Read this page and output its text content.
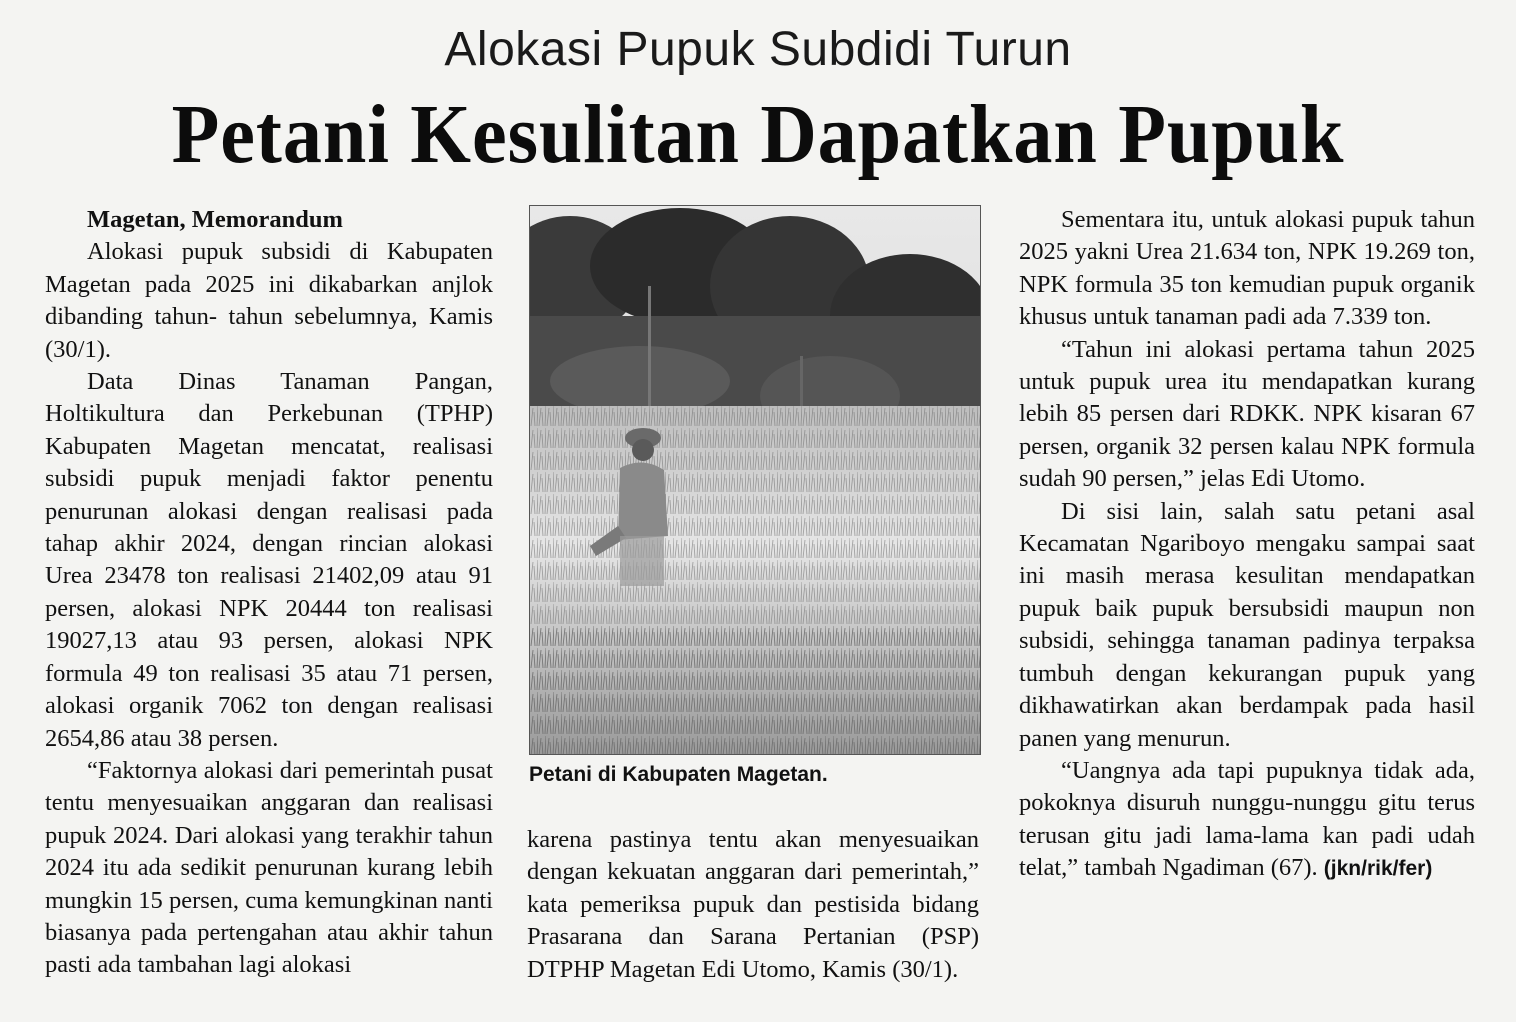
Alokasi Pupuk Subdidi Turun
Petani Kesulitan Dapatkan Pupuk

Magetan, Memorandum

Alokasi pupuk subsidi di Kabupaten Magetan pada 2025 ini dikabarkan anjlok dibanding tahun- tahun sebelumnya, Kamis (30/1).

Data Dinas Tanaman Pangan, Holtikultura dan Perkebunan (TPHP) Kabupaten Magetan mencatat, realisasi subsidi pupuk menjadi faktor penentu penurunan alokasi dengan realisasi pada tahap akhir 2024, dengan rincian alokasi Urea 23478 ton realisasi 21402,09 atau 91 persen, alokasi NPK 20444 ton realisasi 19027,13 atau 93 persen, alokasi NPK formula 49 ton realisasi 35 atau 71 persen, alokasi organik 7062 ton dengan realisasi 2654,86 atau 38 persen.

“Faktornya alokasi dari pemerintah pusat tentu menyesuaikan anggaran dan realisasi pupuk 2024. Dari alokasi yang terakhir tahun 2024 itu ada sedikit penurunan kurang lebih mungkin 15 persen, cuma kemungkinan nanti biasanya pada pertengahan atau akhir tahun pasti ada tambahan lagi alokasi

Petani di Kabupaten Magetan.

karena pastinya tentu akan menyesuaikan dengan kekuatan anggaran dari pemerintah,” kata pemeriksa pupuk dan pestisida bidang Prasarana dan Sarana Pertanian (PSP) DTPHP Magetan Edi Utomo, Kamis (30/1).

Sementara itu, untuk alokasi pupuk tahun 2025 yakni Urea 21.634 ton, NPK 19.269 ton, NPK formula 35 ton kemudian pupuk organik khusus untuk tanaman padi ada 7.339 ton.

“Tahun ini alokasi pertama tahun 2025 untuk pupuk urea itu mendapatkan kurang lebih 85 persen dari RDKK. NPK kisaran 67 persen, organik 32 persen kalau NPK formula sudah 90 persen,” jelas Edi Utomo.

Di sisi lain, salah satu petani asal Kecamatan Ngariboyo mengaku sampai saat ini masih merasa kesulitan mendapatkan pupuk baik pupuk bersubsidi maupun non subsidi, sehingga tanaman padinya terpaksa tumbuh dengan kekurangan pupuk yang dikhawatirkan akan berdampak pada hasil panen yang menurun.

“Uangnya ada tapi pupuknya tidak ada, pokoknya disuruh nunggu-nunggu gitu terus terusan gitu jadi lama-lama kan padi udah telat,” tambah Ngadiman (67). (jkn/rik/fer)
